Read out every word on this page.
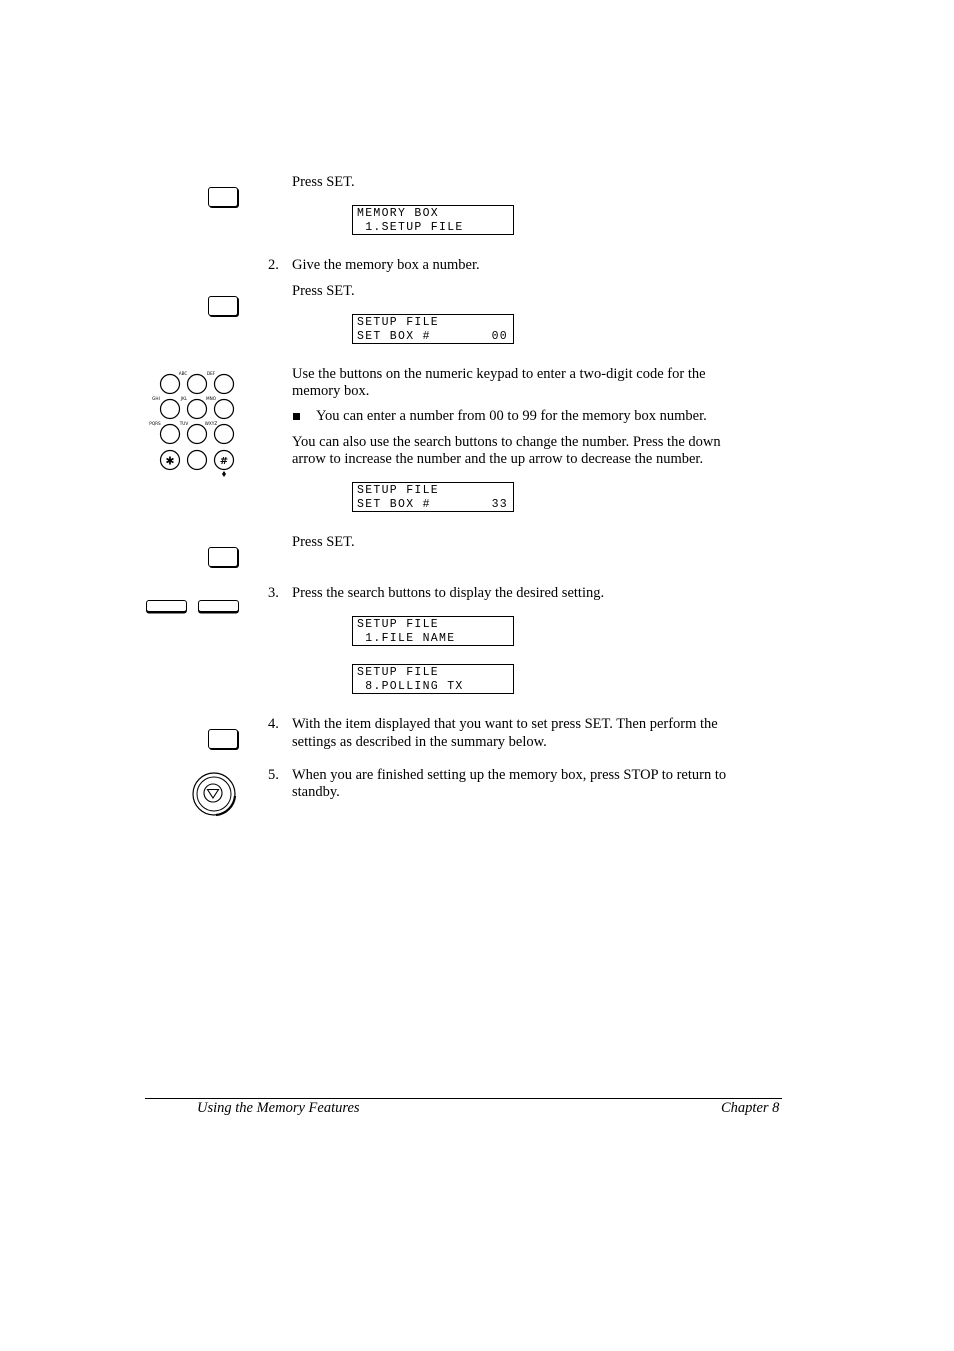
Press SET.
MEMORY BOX
1.SETUP FILE
2. Give the memory box a number.
Press SET.
SETUP FILE
SET BOX #	00
ABC	DEF
GHI	JKL	MNO
PQRS	TUV	WXYZ
✱	#
Use the buttons on the numeric keypad to enter a two-digit code for the
memory box.
You can enter a number from 00 to 99 for the memory box number.
You can also use the search buttons to change the number. Press the down
arrow to increase the number and the up arrow to decrease the number.
SETUP FILE
SET BOX #	33
Press SET.
3. Press the search buttons to display the desired setting.
SETUP FILE
1.FILE NAME
SETUP FILE
8.POLLING TX
4. With the item displayed that you want to set press SET. Then perform the
settings as described in the summary below.
5. When you are finished setting up the memory box, press STOP to return to
standby.
Using the Memory Features	Chapter 8
